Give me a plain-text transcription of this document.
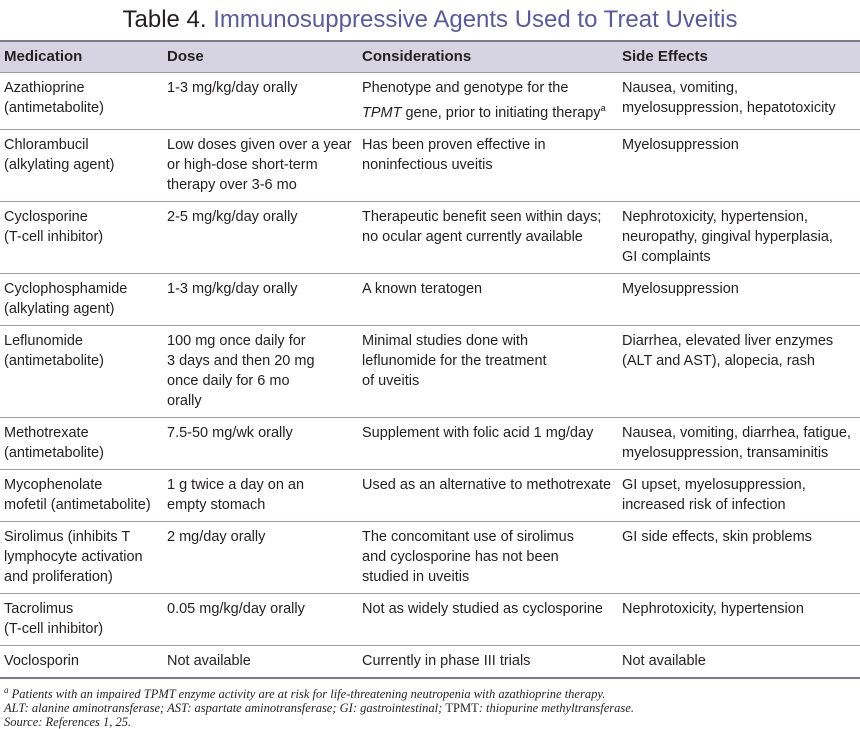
Table 4. Immunosuppressive Agents Used to Treat Uveitis
Medication	Dose	Considerations	Side Effects

Azathioprine
(antimetabolite)	1-3 mg/kg/day orally	Phenotype and genotype for the
TPMT gene, prior to initiating therapy$^a$	Nausea, vomiting,
myelosuppression, hepatotoxicity

Chlorambucil
(alkylating agent)	Low doses given over a year
or high-dose short-term
therapy over 3-6 mo	Has been proven effective in
noninfectious uveitis	Myelosuppression

Cyclosporine
(T-cell inhibitor)	2-5 mg/kg/day orally	Therapeutic benefit seen within days;
no ocular agent currently available	Nephrotoxicity, hypertension,
neuropathy, gingival hyperplasia,
GI complaints

Cyclophosphamide
(alkylating agent)	1-3 mg/kg/day orally	A known teratogen	Myelosuppression

Leflunomide
(antimetabolite)	100 mg once daily for
3 days and then 20 mg
once daily for 6 mo
orally	Minimal studies done with
leflunomide for the treatment
of uveitis	Diarrhea, elevated liver enzymes
(ALT and AST), alopecia, rash

Methotrexate
(antimetabolite)	7.5-50 mg/wk orally	Supplement with folic acid 1 mg/day	Nausea, vomiting, diarrhea, fatigue,
myelosuppression, transaminitis

Mycophenolate
mofetil (antimetabolite)	1 g twice a day on an
empty stomach	Used as an alternative to methotrexate	GI upset, myelosuppression,
increased risk of infection

Sirolimus (inhibits T
lymphocyte activation
and proliferation)	2 mg/day orally	The concomitant use of sirolimus
and cyclosporine has not been
studied in uveitis	GI side effects, skin problems

Tacrolimus
(T-cell inhibitor)	0.05 mg/kg/day orally	Not as widely studied as cyclosporine	Nephrotoxicity, hypertension

Voclosporin	Not available	Currently in phase III trials	Not available
$^a$ Patients with an impaired TPMT enzyme activity are at risk for life-threatening neutropenia with azathioprine therapy.
ALT: alanine aminotransferase; AST: aspartate aminotransferase; GI: gastrointestinal; TPMT: thiopurine methyltransferase.
Source: References 1, 25.
